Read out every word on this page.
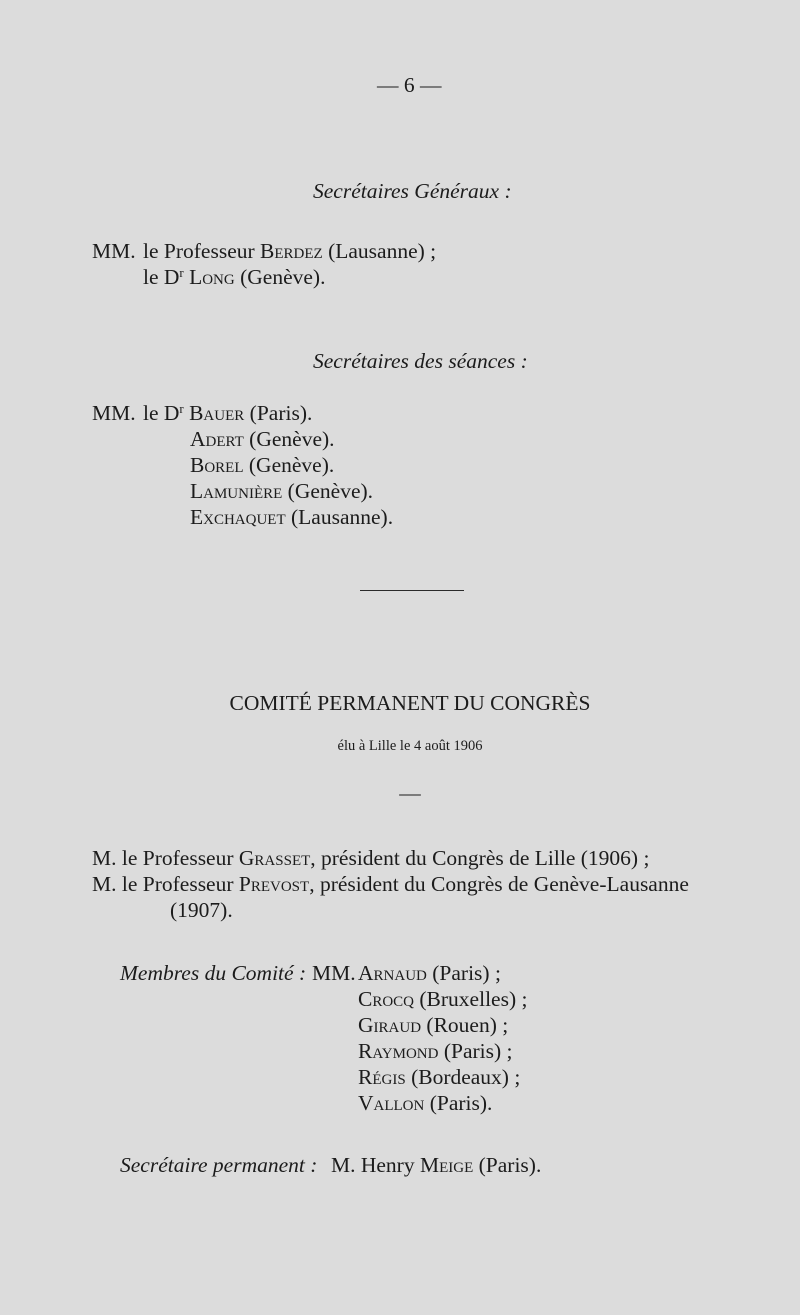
— 6 —
Secrétaires Généraux :
MM. le Professeur Berdez (Lausanne) ;
le $D^r$ Long (Genève).
Secrétaires des séances :
MM. le $D^r$ Bauer (Paris).
Adert (Genève).
Borel (Genève).
Lamunière (Genève).
Exchaquet (Lausanne).
COMITÉ PERMANENT DU CONGRÈS
élu à Lille le 4 août 1906
—
M. le Professeur Grasset, président du Congrès de Lille (1906) ;
M. le Professeur Prevost, président du Congrès de Genève-Lausanne
(1907).
Membres du Comité : MM. Arnaud (Paris) ;
Crocq (Bruxelles) ;
Giraud (Rouen) ;
Raymond (Paris) ;
Régis (Bordeaux) ;
Vallon (Paris).
Secrétaire permanent : M. Henry Meige (Paris).
